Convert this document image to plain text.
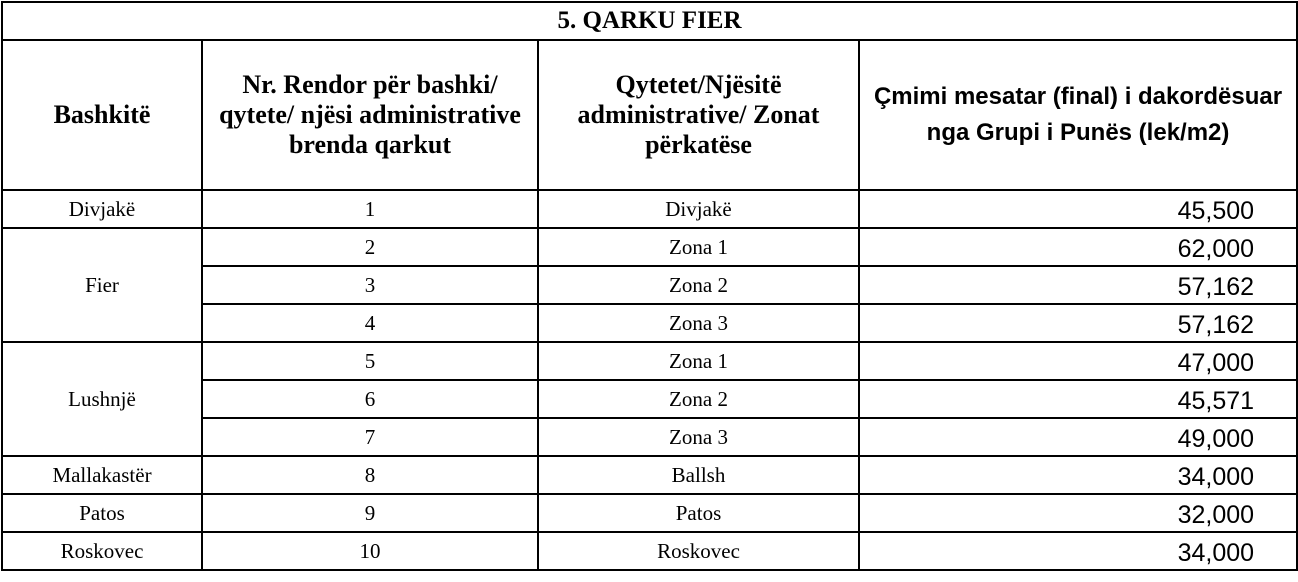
5. QARKU FIER			
Bashkitë	Nr. Rendor për bashki/ qytete/ njësi administrative brenda qarkut	Qytetet/Njësitë administrative/ Zonat përkatëse	Çmimi mesatar (final) i dakordësuar nga Grupi i Punës (lek/m2)
Divjakë	1	Divjakë	45,500
Fier	2	Zona 1	62,000
	3	Zona 2	57,162
	4	Zona 3	57,162
Lushnjë	5	Zona 1	47,000
	6	Zona 2	45,571
	7	Zona 3	49,000
Mallakastër	8	Ballsh	34,000
Patos	9	Patos	32,000
Roskovec	10	Roskovec	34,000
